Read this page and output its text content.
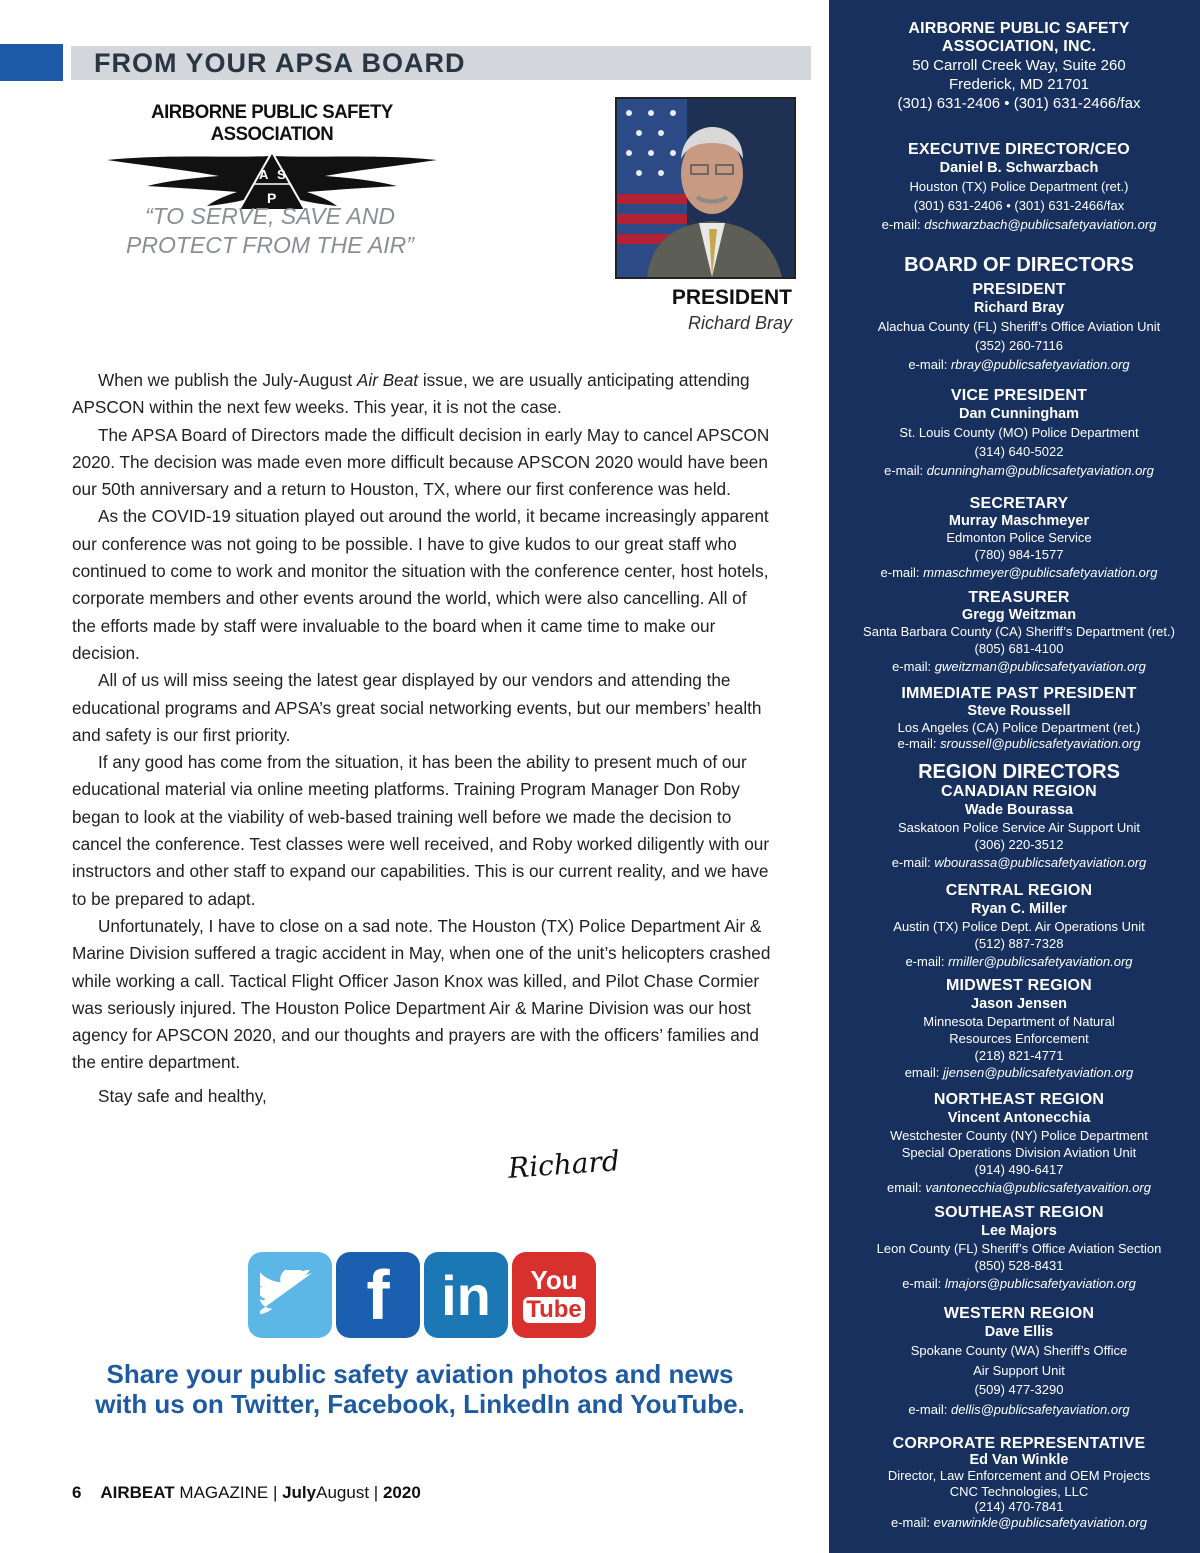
FROM YOUR APSA BOARD
AIRBORNE PUBLIC SAFETY ASSOCIATION
A S
P
“TO SERVE, SAVE AND
PROTECT FROM THE AIR”
PRESIDENT
Richard Bray

When we publish the July-August Air Beat issue, we are usually anticipating attending APSCON within the next few weeks. This year, it is not the case.

The APSA Board of Directors made the difficult decision in early May to cancel APSCON 2020. The decision was made even more difficult because APSCON 2020 would have been our 50th anniversary and a return to Houston, TX, where our first conference was held.

As the COVID-19 situation played out around the world, it became increasingly apparent our conference was not going to be possible. I have to give kudos to our great staff who continued to come to work and monitor the situation with the conference center, host hotels, corporate members and other events around the world, which were also cancelling. All of the efforts made by staff were invaluable to the board when it came time to make our decision.

All of us will miss seeing the latest gear displayed by our vendors and attending the educational programs and APSA’s great social networking events, but our members’ health and safety is our first priority.

If any good has come from the situation, it has been the ability to present much of our educational material via online meeting platforms. Training Program Manager Don Roby began to look at the viability of web-based training well before we made the decision to cancel the conference. Test classes were well received, and Roby worked diligently with our instructors and other staff to expand our capabilities. This is our current reality, and we have to be prepared to adapt.

Unfortunately, I have to close on a sad note. The Houston (TX) Police Department Air & Marine Division suffered a tragic accident in May, when one of the unit’s helicopters crashed while working a call. Tactical Flight Officer Jason Knox was killed, and Pilot Chase Cormier was seriously injured. The Houston Police Department Air & Marine Division was our host agency for APSCON 2020, and our thoughts and prayers are with the officers’ families and the entire department.

Stay safe and healthy,

Richard
f in	You
Tube
Share your public safety aviation photos and news
with us on Twitter, Facebook, LinkedIn and YouTube.
6 AIRBEAT MAGAZINE | JulyAugust | 2020
AIRBORNE PUBLIC SAFETY
ASSOCIATION, INC.
50 Carroll Creek Way, Suite 260
Frederick, MD 21701
(301) 631-2406 • (301) 631-2466/fax
EXECUTIVE DIRECTOR/CEO
Daniel B. Schwarzbach
Houston (TX) Police Department (ret.)
(301) 631-2406 • (301) 631-2466/fax
e-mail: dschwarzbach@publicsafetyaviation.org
BOARD OF DIRECTORS
PRESIDENT
Richard Bray
Alachua County (FL) Sheriff’s Office Aviation Unit
(352) 260-7116
e-mail: rbray@publicsafetyaviation.org
VICE PRESIDENT
Dan Cunningham
St. Louis County (MO) Police Department
(314) 640-5022
e-mail: dcunningham@publicsafetyaviation.org
SECRETARY
Murray Maschmeyer
Edmonton Police Service
(780) 984-1577
e-mail: mmaschmeyer@publicsafetyaviation.org
TREASURER
Gregg Weitzman
Santa Barbara County (CA) Sheriff’s Department (ret.)
(805) 681-4100
e-mail: gweitzman@publicsafetyaviation.org
IMMEDIATE PAST PRESIDENT
Steve Roussell
Los Angeles (CA) Police Department (ret.)
e-mail: sroussell@publicsafetyaviation.org
REGION DIRECTORS
CANADIAN REGION
Wade Bourassa
Saskatoon Police Service Air Support Unit
(306) 220-3512
e-mail: wbourassa@publicsafetyaviation.org
CENTRAL REGION
Ryan C. Miller
Austin (TX) Police Dept. Air Operations Unit
(512) 887-7328
e-mail: rmiller@publicsafetyaviation.org
MIDWEST REGION
Jason Jensen
Minnesota Department of Natural
Resources Enforcement
(218) 821-4771
email: jjensen@publicsafetyaviation.org
NORTHEAST REGION
Vincent Antonecchia
Westchester County (NY) Police Department
Special Operations Division Aviation Unit
(914) 490-6417
email: vantonecchia@publicsafetyavaition.org
SOUTHEAST REGION
Lee Majors
Leon County (FL) Sheriff’s Office Aviation Section
(850) 528-8431
e-mail: lmajors@publicsafetyaviation.org
WESTERN REGION
Dave Ellis
Spokane County (WA) Sheriff’s Office
Air Support Unit
(509) 477-3290
e-mail: dellis@publicsafetyaviation.org
CORPORATE REPRESENTATIVE
Ed Van Winkle
Director, Law Enforcement and OEM Projects
CNC Technologies, LLC
(214) 470-7841
e-mail: evanwinkle@publicsafetyaviation.org
